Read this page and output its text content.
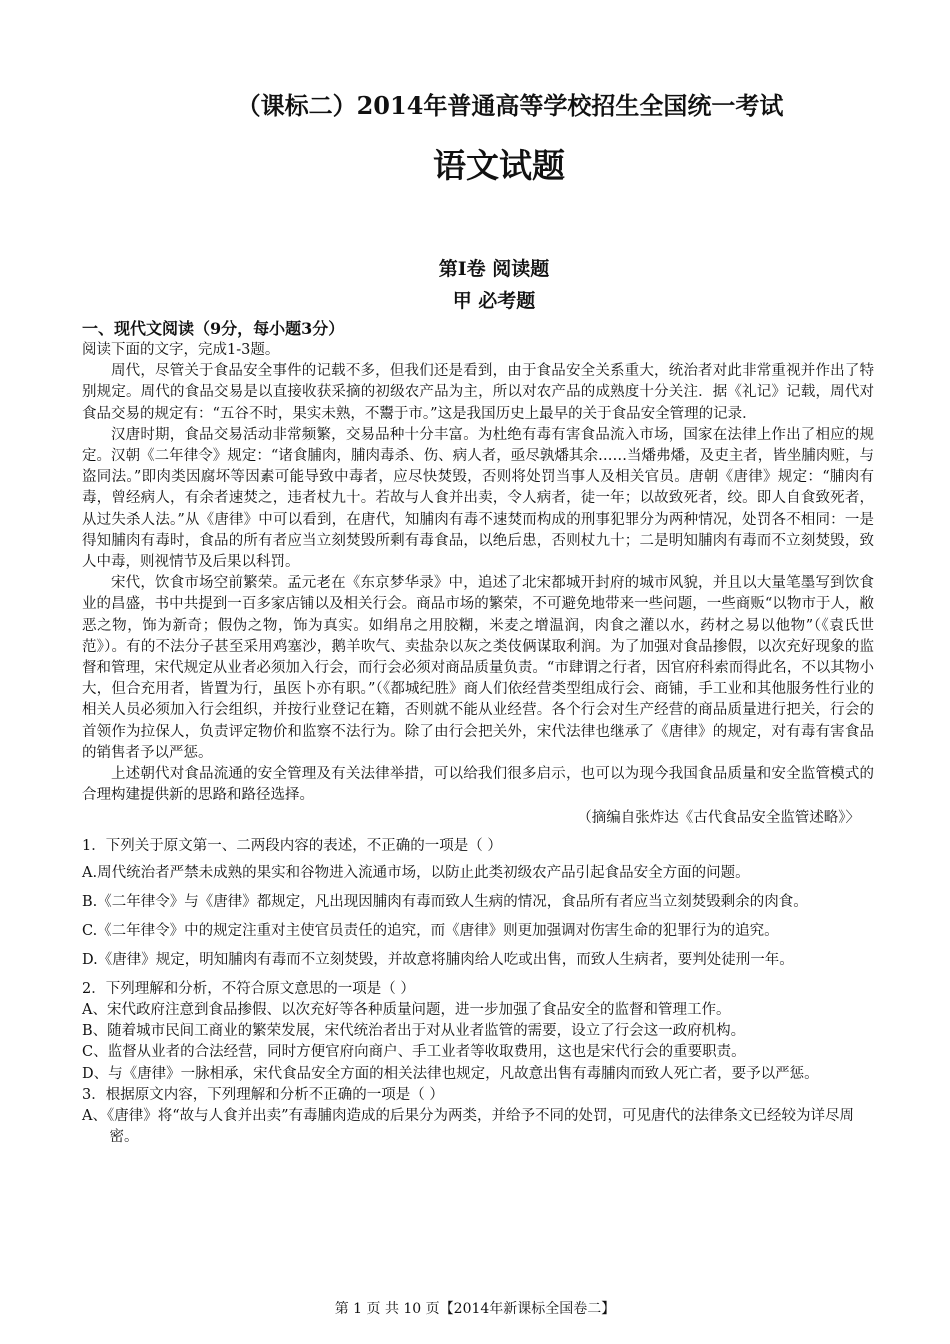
（课标二）2014年普通高等学校招生全国统一考试
语文试题
第Ⅰ卷 阅读题
甲 必考题
一、现代文阅读（9分，每小题3分）

阅读下面的文字，完成1-3题。

周代，尽管关于食品安全事件的记载不多，但我们还是看到，由于食品安全关系重大，统治者对此非常重视并作出了特别规定。周代的食品交易是以直接收获采摘的初级农产品为主，所以对农产品的成熟度十分关注．据《礼记》记载，周代对食品交易的规定有：“五谷不时，果实未熟，不鬻于市。”这是我国历史上最早的关于食品安全管理的记录．

汉唐时期，食品交易活动非常频繁，交易品种十分丰富。为杜绝有毒有害食品流入市场，国家在法律上作出了相应的规定。汉朝《二年律令》规定：“诸食脯肉，脯肉毒杀、伤、病人者，亟尽孰燔其余……当燔弗燔，及吏主者，皆坐脯肉赃，与盗同法。”即肉类因腐坏等因素可能导致中毒者，应尽快焚毁，否则将处罚当事人及相关官员。唐朝《唐律》规定：“脯肉有毒，曾经病人，有余者速焚之，违者杖九十。若故与人食并出卖，令人病者，徒一年；以故致死者，绞。即人自食致死者，从过失杀人法。”从《唐律》中可以看到，在唐代，知脯肉有毒不速焚而构成的刑事犯罪分为两种情况，处罚各不相同：一是得知脯肉有毒时，食品的所有者应当立刻焚毁所剩有毒食品，以绝后患，否则杖九十；二是明知脯肉有毒而不立刻焚毁，致人中毒，则视情节及后果以科罚。

宋代，饮食市场空前繁荣。孟元老在《东京梦华录》中，追述了北宋都城开封府的城市风貌，并且以大量笔墨写到饮食业的昌盛，书中共提到一百多家店铺以及相关行会。商品市场的繁荣，不可避免地带来一些问题，一些商贩“以物市于人，敝恶之物，饰为新奇；假伪之物，饰为真实。如绢帛之用胶糊，米麦之增温润，肉食之灌以水，药材之易以他物”（《袁氏世范》）。有的不法分子甚至采用鸡塞沙，鹅羊吹气、卖盐杂以灰之类伎俩谋取利润。为了加强对食品掺假，以次充好现象的监督和管理，宋代规定从业者必须加入行会，而行会必须对商品质量负责。“市肆谓之行者，因官府科索而得此名，不以其物小大，但合充用者，皆置为行，虽医卜亦有职。”（《都城纪胜》商人们依经营类型组成行会、商铺，手工业和其他服务性行业的相关人员必须加入行会组织，并按行业登记在籍，否则就不能从业经营。各个行会对生产经营的商品质量进行把关，行会的首领作为拉保人，负责评定物价和监察不法行为。除了由行会把关外，宋代法律也继承了《唐律》的规定，对有毒有害食品的销售者予以严惩。

上述朝代对食品流通的安全管理及有关法律举措，可以给我们很多启示，也可以为现今我国食品质量和安全监管模式的合理构建提供新的思路和路径选择。

（摘编自张炸达《古代食品安全监管述略》〉
1．下列关于原文第一、二两段内容的表述，不正确的一项是（ ）
A.周代统治者严禁未成熟的果实和谷物进入流通市场，以防止此类初级农产品引起食品安全方面的问题。
B.《二年律令》与《唐律》都规定，凡出现因脯肉有毒而致人生病的情况，食品所有者应当立刻焚毁剩余的肉食。
C.《二年律令》中的规定注重对主使官员责任的追究，而《唐律》则更加强调对伤害生命的犯罪行为的追究。
D.《唐律》规定，明知脯肉有毒而不立刻焚毁，并故意将脯肉给人吃或出售，而致人生病者，要判处徒刑一年。
2．下列理解和分析，不符合原文意思的一项是（ ）
A、宋代政府注意到食品掺假、以次充好等各种质量问题，进一步加强了食品安全的监督和管理工作。
B、随着城市民间工商业的繁荣发展，宋代统治者出于对从业者监管的需要，设立了行会这一政府机构。
C、监督从业者的合法经营，同时方便官府向商户、手工业者等收取费用，这也是宋代行会的重要职责。
D、与《唐律》一脉相承，宋代食品安全方面的相关法律也规定，凡故意出售有毒脯肉而致人死亡者，要予以严惩。
3．根据原文内容，下列理解和分析不正确的一项是（ ）
A、《唐律》将“故与人食并出卖”有毒脯肉造成的后果分为两类，并给予不同的处罚，可见唐代的法律条文已经较为详尽周密。
第 1 页 共 10 页【2014年新课标全国卷二】
